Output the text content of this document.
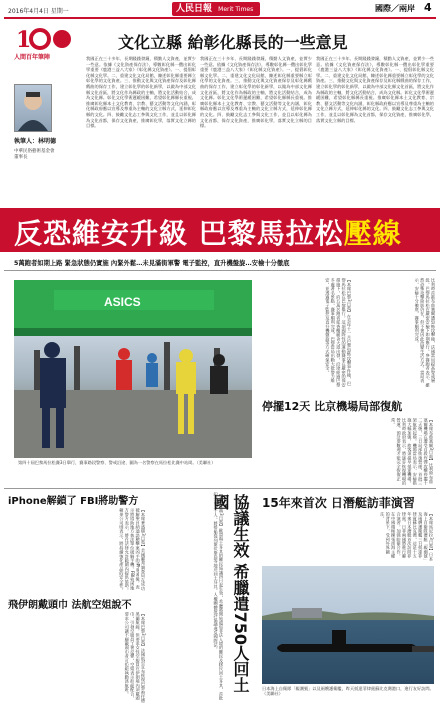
2016年4月4日 星期一	人民日報 Merit Times	國際／兩岸 4
1
人間百年筆陣
文化立縣 紿彰化縣長的一些意見
執筆人：林明德
中華民俗藝術基金會董事長
我國正在三十多年、長期踐踐發鐘，積勤人文資產，並實少一些意。依據《文化資產保存法》，導數彰化縣一攬出彰化學重要《鹿港三益八大家》《彰化縣文化資產》。一、提倡彰化縣文化學。二、重建文化文化局館，陳述彰化縣重要縣立彰化學的文化資產。三、推動文化與文化資產保存及彰化縣戲曲的保存工作，建立彰化學的彰化新學，以做為中部文化縣文化首區，將文化作為縣政的主軸，將文化活動結合，成為文化縣。彰化文化學術遲緩困難，希望彰化縣縣長重視。推廣彰化縣本土文化教育、宗教、藝文活動等文化內涵，彰化縣政府應以宣導及尊重為主軸的文化立縣方式，延伸彰化縣的文化。四、鼓勵文化志工參與文化工作，並且以彰化縣為文化首都，保存文化資產，推廣彰化學，落實文化立縣的目標。
我國正在三十多年、長期踐踐發鐘，積勤人文資產，並實少一些意。依據《文化資產保存法》，導數彰化縣一攬出彰化學重要《鹿港三益八大家》《彰化縣文化資產》。一、提倡彰化縣文化學。二、重建文化文化局館，陳述彰化縣重要縣立彰化學的文化資產。三、推動文化與文化資產保存及彰化縣戲曲的保存工作，建立彰化學的彰化新學，以做為中部文化縣文化首區，將文化作為縣政的主軸，將文化活動結合，成為文化縣。彰化文化學術遲緩困難，希望彰化縣縣長重視。推廣彰化縣本土文化教育、宗教、藝文活動等文化內涵，彰化縣政府應以宣導及尊重為主軸的文化立縣方式，延伸彰化縣的文化。四、鼓勵文化志工參與文化工作，並且以彰化縣為文化首都，保存文化資產，推廣彰化學，落實文化立縣的目標。
我國正在三十多年、長期踐踐發鐘，積勤人文資產，並實少一些意。依據《文化資產保存法》，導數彰化縣一攬出彰化學重要《鹿港三益八大家》《彰化縣文化資產》。一、提倡彰化縣文化學。二、重建文化文化局館，陳述彰化縣重要縣立彰化學的文化資產。三、推動文化與文化資產保存及彰化縣戲曲的保存工作，建立彰化學的彰化新學，以做為中部文化縣文化首區，將文化作為縣政的主軸，將文化活動結合，成為文化縣。彰化文化學術遲緩困難，希望彰化縣縣長重視。推廣彰化縣本土文化教育、宗教、藝文活動等文化內涵，彰化縣政府應以宣導及尊重為主軸的文化立縣方式，延伸彰化縣的文化。四、鼓勵文化志工參與文化工作，並且以彰化縣為文化首都，保存文化資產，推廣彰化學，落實文化立縣的目標。
反恐維安升級 巴黎馬拉松壓線
5萬跑者如期上路 緊急狀態仍實施 內緊外鬆…未見滿街軍警 電子監控，直升機盤旋…安檢十分徹底
ASICS
第四十屆巴黎馬拉松賽3日舉行，賽事路段警察、警戒沿途、圖為一名警察在馬拉松比賽中站崗。（美聯社）
【本報巴黎3日電】在去年十一月巴黎恐怖攻擊事件後，巴黎馬拉松在巴黎舉行，這項國際性的運動賽事在嚴密的保安措施下，約五萬名跑者從香榭麗舍大道出發，沿途經過巴黎多處著名景點，賽事順利完成。巴黎當局出動大批警力維安，並透過電子監控及直升機盤旋等方式確保安全。	比利時首都布魯塞爾遭恐怖攻擊後，法國當局提高警戒層級，巴黎馬拉松在嚴密安檢下如期舉行。參賽跑者表示，雖然恐怖攻擊陰影仍在，但不會因此改變生活方式。當局表示，安檢十分徹底，賽事順利完成。
停擺12天 比京機場局部復航
【本報布魯塞爾3日電】比利時布魯塞爾機場在遭受自殺炸彈攻擊停擺十二天後，三日局部恢復營運，首批三架航班起飛。機場當局表示，安檢措施大幅加強，旅客須提早抵達機場。比利時政府表示，將逐步恢復機場的營運，預計要數週才能完全恢復正常。
iPhone解鎖了 FBI將助警方
【本報華盛頓3日電】美國聯邦調查局在成功破解聖貝納迪諾槍擊案凶手的iPhone後，表示將協助地方執法單位破解手機。FBI致函地方警方表示，將在法律允許範圍內提供協助。蘋果公司則表示，將持續強化產品的安全性。
飛伊朗戴頭巾 法航空姐說不
【本報巴黎3日電】法國航空宣布恢復巴黎飛往德黑蘭航線，但要求女性空服員在伊朗境內須戴頭巾，引發空服員工會反彈，空姐表示拒絕配合，要求公司讓不願戴頭巾者可拒絕執勤該航班。	協議生效 希臘遣750人回土國
【本報雅典3日電】歐盟與土耳其的難民協議四日起生效，希臘將開始遣返非法入境的難民及移民回土耳其，首批約七百五十人，將搭船從列斯伏斯島等地送回土耳其。人權團體批評協議違反國際法。	15年來首次 日潛艇訪菲演習
【本報馬尼拉3日電】日本海上自衛隊潛艇「親潮號」及兩艘護衛艦三日抵達菲律賓蘇比克灣，這是十五年來日本潛艇首次訪問菲律賓。日菲兩國將進行聯合演習，加強防衛合作，在中國積極擴張南海主權的背景下，受到外界關注。
日本海上自衛隊「親潮號」以及兩艘護衛艦，昨天抵達菲律賓蘇比克灣港口，進行友好訪問。（美聯社）
